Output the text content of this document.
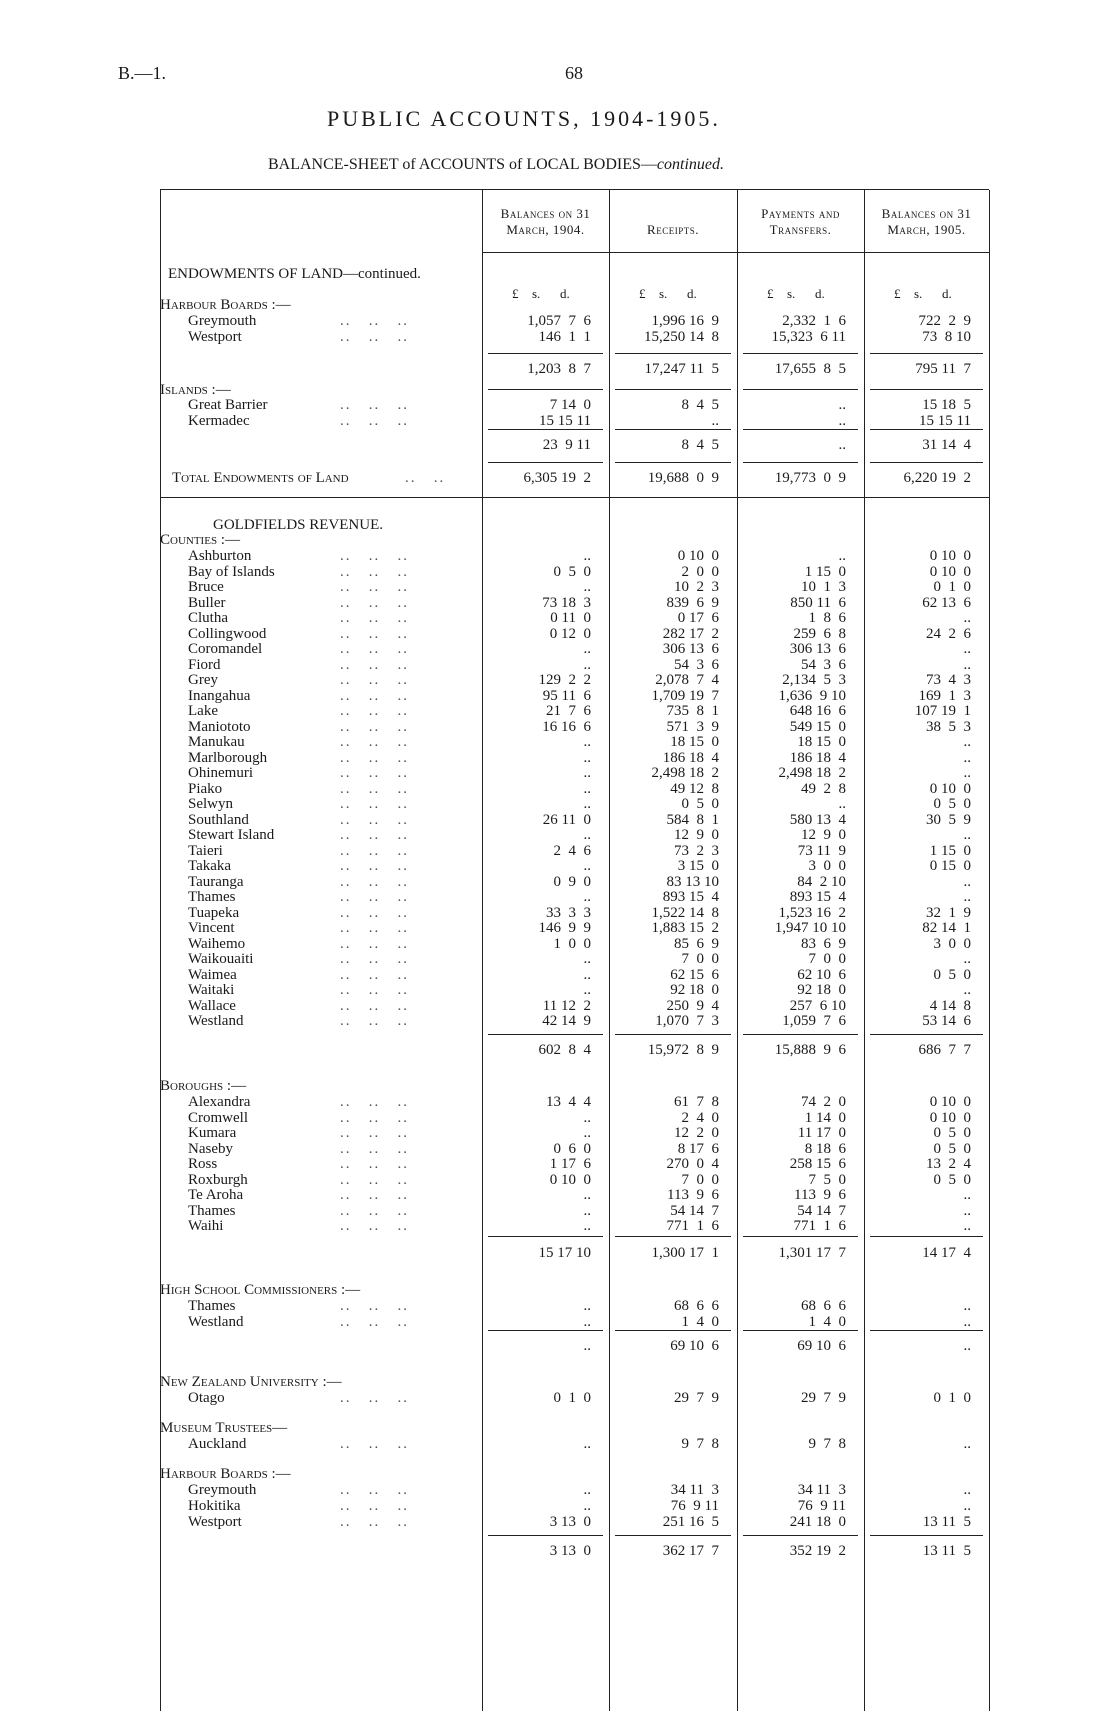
B.—1.	68
PUBLIC ACCOUNTS, 1904-1905.
BALANCE-SHEET of ACCOUNTS of LOCAL BODIES—continued.
Balances on 31 March, 1904.
£ s. d.
Receipts.
£ s. d.
Payments and Transfers.
£ s. d.
Balances on 31 March, 1905.
£ s. d.
ENDOWMENTS OF LAND—continued.
Harbour Boards :—
Islands :—
GOLDFIELDS REVENUE.
Counties :—
Boroughs :—
High School Commissioners :—
New Zealand University :—
Museum Trustees—
Harbour Boards :—
Greymouth	..   ..   ..	1,057  7  6	1,996 16  9	2,332  1  6	722  2  9
Westport	..   ..   ..	146  1  1	15,250 14  8	15,323  6 11	73  8 10
1,203  8  7	17,247 11  5	17,655  8  5	795 11  7
Great Barrier	..   ..   ..	7 14  0	8  4  5	..	15 18  5
Kermadec	..   ..   ..	15 15 11	..	..	15 15 11
23  9 11	8  4  5	..	31 14  4
Total Endowments of Land	..   ..	6,305 19  2	19,688  0  9	19,773  0  9	6,220 19  2
Ashburton	..   ..   ..	..	0 10  0	..	0 10  0
Bay of Islands	..   ..   ..	0  5  0	2  0  0	1 15  0	0 10  0
Bruce	..   ..   ..	..	10  2  3	10  1  3	0  1  0
Buller	..   ..   ..	73 18  3	839  6  9	850 11  6	62 13  6
Clutha	..   ..   ..	0 11  0	0 17  6	1  8  6	..
Collingwood	..   ..   ..	0 12  0	282 17  2	259  6  8	24  2  6
Coromandel	..   ..   ..	..	306 13  6	306 13  6	..
Fiord	..   ..   ..	..	54  3  6	54  3  6	..
Grey	..   ..   ..	129  2  2	2,078  7  4	2,134  5  3	73  4  3
Inangahua	..   ..   ..	95 11  6	1,709 19  7	1,636  9 10	169  1  3
Lake	..   ..   ..	21  7  6	735  8  1	648 16  6	107 19  1
Maniototo	..   ..   ..	16 16  6	571  3  9	549 15  0	38  5  3
Manukau	..   ..   ..	..	18 15  0	18 15  0	..
Marlborough	..   ..   ..	..	186 18  4	186 18  4	..
Ohinemuri	..   ..   ..	..	2,498 18  2	2,498 18  2	..
Piako	..   ..   ..	..	49 12  8	49  2  8	0 10  0
Selwyn	..   ..   ..	..	0  5  0	..	0  5  0
Southland	..   ..   ..	26 11  0	584  8  1	580 13  4	30  5  9
Stewart Island	..   ..   ..	..	12  9  0	12  9  0	..
Taieri	..   ..   ..	2  4  6	73  2  3	73 11  9	1 15  0
Takaka	..   ..   ..	..	3 15  0	3  0  0	0 15  0
Tauranga	..   ..   ..	0  9  0	83 13 10	84  2 10	..
Thames	..   ..   ..	..	893 15  4	893 15  4	..
Tuapeka	..   ..   ..	33  3  3	1,522 14  8	1,523 16  2	32  1  9
Vincent	..   ..   ..	146  9  9	1,883 15  2	1,947 10 10	82 14  1
Waihemo	..   ..   ..	1  0  0	85  6  9	83  6  9	3  0  0
Waikouaiti	..   ..   ..	..	7  0  0	7  0  0	..
Waimea	..   ..   ..	..	62 15  6	62 10  6	0  5  0
Waitaki	..   ..   ..	..	92 18  0	92 18  0	..
Wallace	..   ..   ..	11 12  2	250  9  4	257  6 10	4 14  8
Westland	..   ..   ..	42 14  9	1,070  7  3	1,059  7  6	53 14  6
602  8  4	15,972  8  9	15,888  9  6	686  7  7
Alexandra	..   ..   ..	13  4  4	61  7  8	74  2  0	0 10  0
Cromwell	..   ..   ..	..	2  4  0	1 14  0	0 10  0
Kumara	..   ..   ..	..	12  2  0	11 17  0	0  5  0
Naseby	..   ..   ..	0  6  0	8 17  6	8 18  6	0  5  0
Ross	..   ..   ..	1 17  6	270  0  4	258 15  6	13  2  4
Roxburgh	..   ..   ..	0 10  0	7  0  0	7  5  0	0  5  0
Te Aroha	..   ..   ..	..	113  9  6	113  9  6	..
Thames	..   ..   ..	..	54 14  7	54 14  7	..
Waihi	..   ..   ..	..	771  1  6	771  1  6	..
15 17 10	1,300 17  1	1,301 17  7	14 17  4
Thames	..   ..   ..	..	68  6  6	68  6  6	..
Westland	..   ..   ..	..	1  4  0	1  4  0	..
..	69 10  6	69 10  6	..
Otago	..   ..   ..	0  1  0	29  7  9	29  7  9	0  1  0
Auckland	..   ..   ..	..	9  7  8	9  7  8	..
Greymouth	..   ..   ..	..	34 11  3	34 11  3	..
Hokitika	..   ..   ..	..	76  9 11	76  9 11	..
Westport	..   ..   ..	3 13  0	251 16  5	241 18  0	13 11  5
3 13  0	362 17  7	352 19  2	13 11  5
